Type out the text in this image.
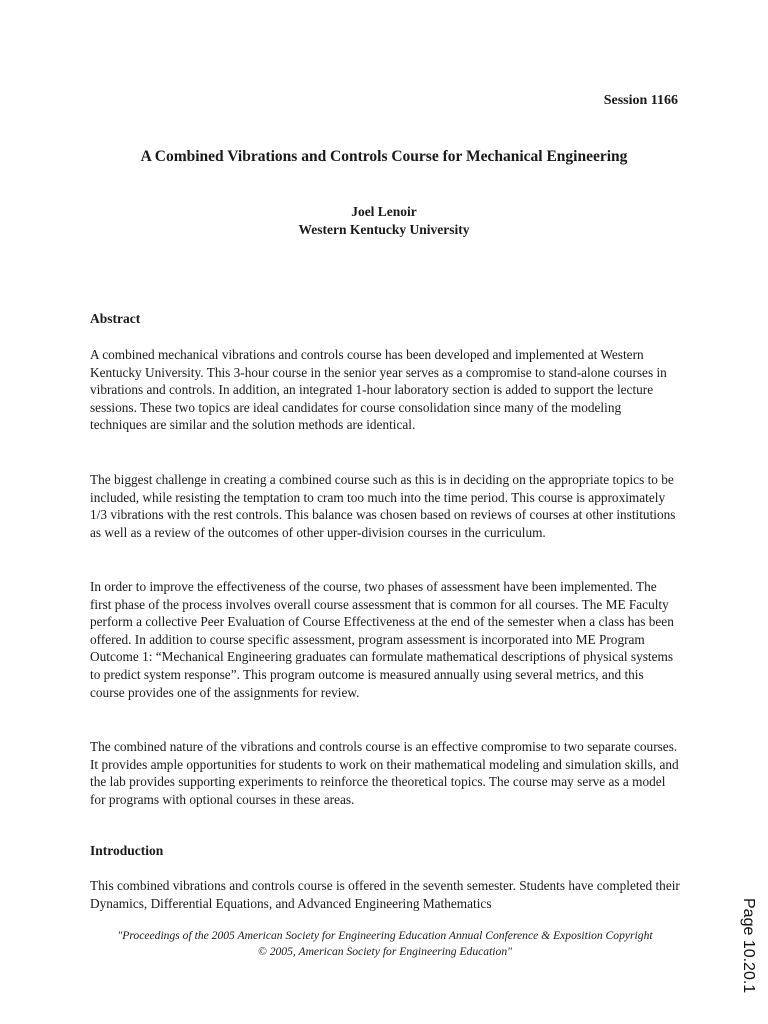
Session 1166
A Combined Vibrations and Controls Course for Mechanical Engineering
Joel Lenoir
Western Kentucky University
Abstract

A combined mechanical vibrations and controls course has been developed and implemented at Western Kentucky University. This 3-hour course in the senior year serves as a compromise to stand-alone courses in vibrations and controls. In addition, an integrated 1-hour laboratory section is added to support the lecture sessions. These two topics are ideal candidates for course consolidation since many of the modeling techniques are similar and the solution methods are identical.

The biggest challenge in creating a combined course such as this is in deciding on the appropriate topics to be included, while resisting the temptation to cram too much into the time period. This course is approximately 1/3 vibrations with the rest controls. This balance was chosen based on reviews of courses at other institutions as well as a review of the outcomes of other upper-division courses in the curriculum.

In order to improve the effectiveness of the course, two phases of assessment have been implemented. The first phase of the process involves overall course assessment that is common for all courses. The ME Faculty perform a collective Peer Evaluation of Course Effectiveness at the end of the semester when a class has been offered. In addition to course specific assessment, program assessment is incorporated into ME Program Outcome 1: “Mechanical Engineering graduates can formulate mathematical descriptions of physical systems to predict system response”. This program outcome is measured annually using several metrics, and this course provides one of the assignments for review.

The combined nature of the vibrations and controls course is an effective compromise to two separate courses. It provides ample opportunities for students to work on their mathematical modeling and simulation skills, and the lab provides supporting experiments to reinforce the theoretical topics. The course may serve as a model for programs with optional courses in these areas.

Introduction

This combined vibrations and controls course is offered in the seventh semester. Students have completed their Dynamics, Differential Equations, and Advanced Engineering Mathematics

"Proceedings of the 2005 American Society for Engineering Education Annual Conference & Exposition Copyright
© 2005, American Society for Engineering Education"	Page 10.20.1
